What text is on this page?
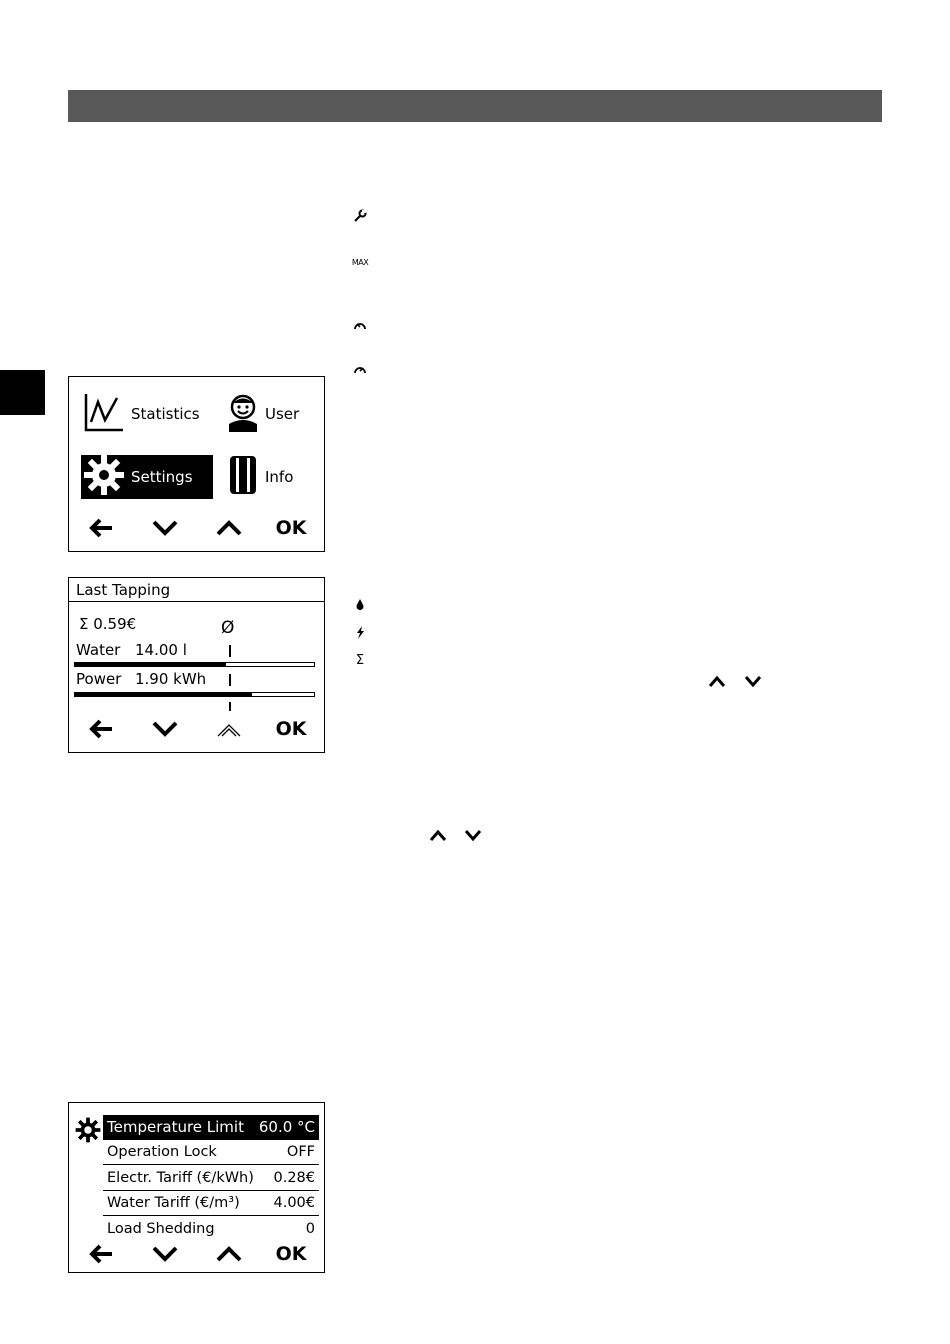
MAX
Σ
Statistics	User
Settings	Info
OK
Last Tapping
Σ 0.59€	Ø
Water 14.00 l
Power 1.90 kWh
OK
Temperature Limit 60.0 °C
Operation Lock	OFF
Electr. Tariff (€/kWh) 0.28€
Water Tariff (€/m³) 4.00€
Load Shedding	0
OK
